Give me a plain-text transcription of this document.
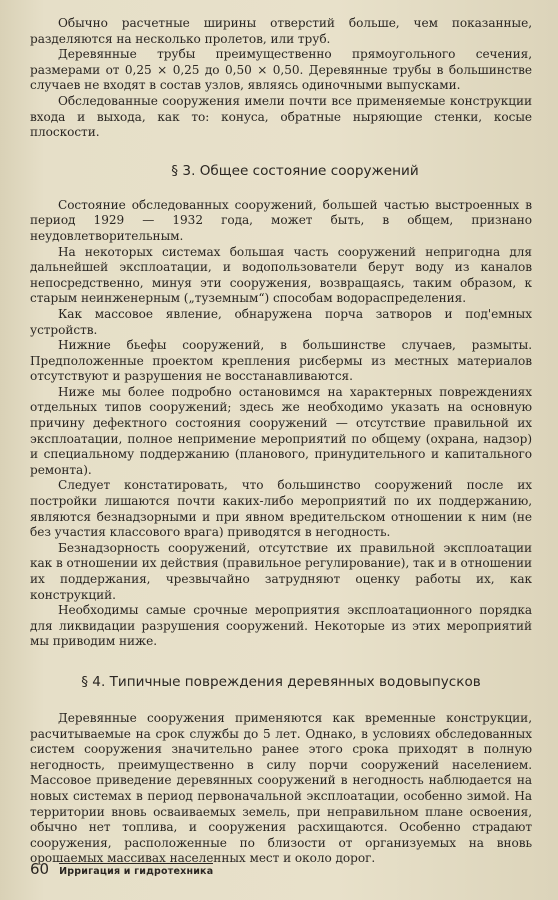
Обычно расчетные ширины отверстий больше, чем показанные, разделяются на несколько пролетов, или труб.

Деревянные трубы преимущественно прямоугольного сечения, размерами от 0,25 × 0,25 до 0,50 × 0,50. Деревянные трубы в большинстве случаев не входят в состав узлов, являясь одиночными выпусками.

Обследованные сооружения имели почти все применяемые конструкции входа и выхода, как то: конуса, обратные ныряющие стенки, косые плоскости.

§ 3. Общее состояние сооружений

Состояние обследованных сооружений, большей частью выстроенных в период 1929 — 1932 года, может быть, в общем, признано неудовлетворительным.

На некоторых системах большая часть сооружений непригодна для дальнейшей эксплоатации, и водопользователи берут воду из каналов непосредственно, минуя эти сооружения, возвращаясь, таким образом, к старым неинженерным („туземным“) способам водораспределения.

Как массовое явление, обнаружена порча затворов и под'емных устройств.

Нижние бьефы сооружений, в большинстве случаев, размыты. Предположенные проектом крепления рисбермы из местных материалов отсутствуют и разрушения не восстанавливаются.

Ниже мы более подробно остановимся на характерных повреждениях отдельных типов сооружений; здесь же необходимо указать на основную причину дефектного состояния сооружений — отсутствие правильной их эксплоатации, полное непримение мероприятий по общему (охрана, надзор) и специальному поддержанию (планового, принудительного и капитального ремонта).

Следует констатировать, что большинство сооружений после их постройки лишаются почти каких-либо мероприятий по их поддержанию, являются безнадзорными и при явном вредительском отношении к ним (не без участия классового врага) приводятся в негодность.

Безнадзорность сооружений, отсутствие их правильной эксплоатации как в отношении их действия (правильное регулирование), так и в отношении их поддержания, чрезвычайно затрудняют оценку работы их, как конструкций.

Необходимы самые срочные мероприятия эксплоатационного порядка для ликвидации разрушения сооружений. Некоторые из этих мероприятий мы приводим ниже.

§ 4. Типичные повреждения деревянных водовыпусков

Деревянные сооружения применяются как временные конструкции, расчитываемые на срок службы до 5 лет. Однако, в условиях обследованных систем сооружения значительно ранее этого срока приходят в полную негодность, преимущественно в силу порчи сооружений населением. Массовое приведение деревянных сооружений в негодность наблюдается на новых системах в период первоначальной эксплоатации, особенно зимой. На территории вновь осваиваемых земель, при неправильном плане освоения, обычно нет топлива, и сооружения расхищаются. Особенно страдают сооружения, расположенные по близости от организуемых на вновь орошаемых массивах населенных мест и около дорог.

60 Ирригация и гидротехника
